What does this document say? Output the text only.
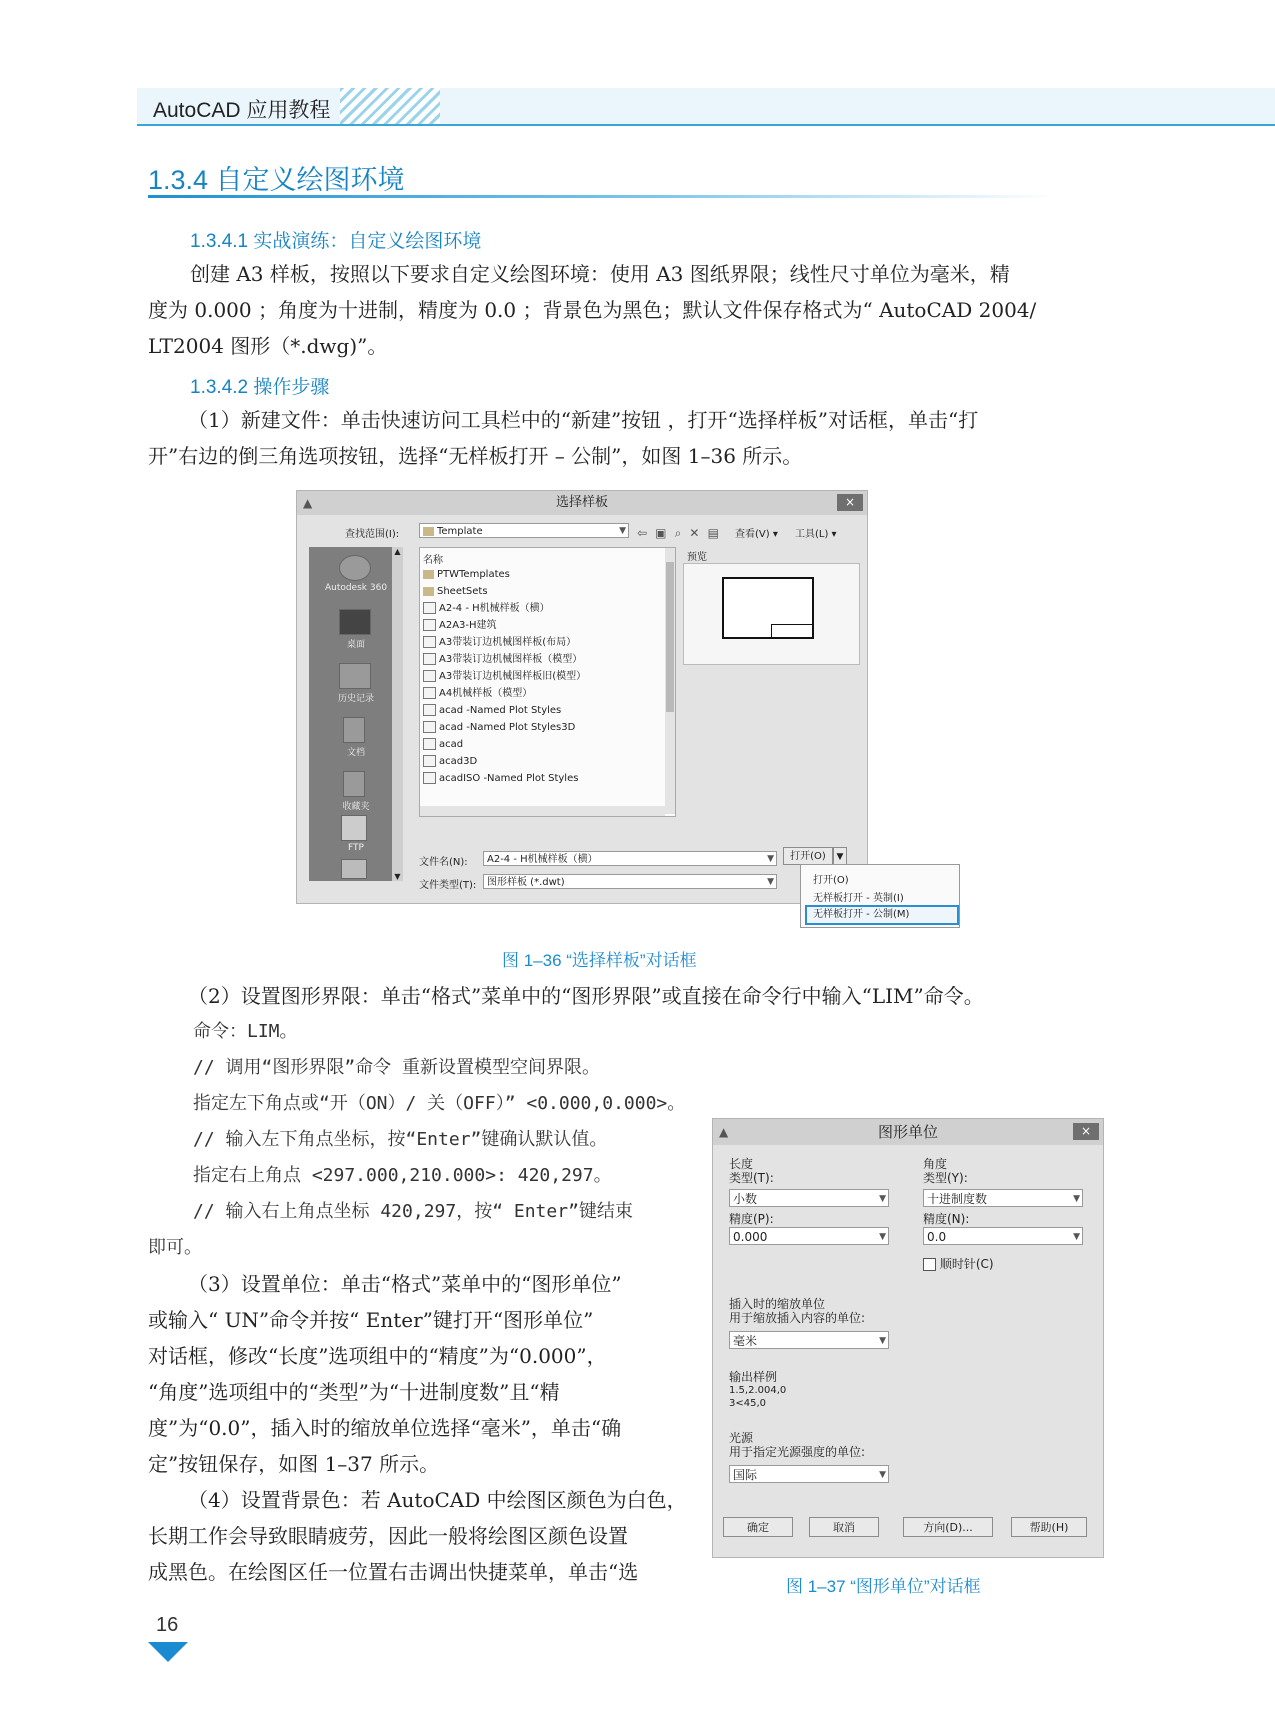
AutoCAD 应用教程
1.3.4 自定义绘图环境
1.3.4.1 实战演练：自定义绘图环境

创建 A3 样板，按照以下要求自定义绘图环境：使用 A3 图纸界限；线性尺寸单位为毫米，精

度为 0.000 ；角度为十进制，精度为 0.0 ；背景色为黑色；默认文件保存格式为“ AutoCAD 2004/

LT2004 图形（*.dwg)”。

1.3.4.2 操作步骤

（1）新建文件：单击快速访问工具栏中的“新建”按钮 ，打开“选择样板”对话框，单击“打

开”右边的倒三角选项按钮，选择“无样板打开 – 公制”，如图 1–36 所示。

▲	选择样板	×
查找范围(I):	Template	▼ ⇦ ▣ ⌕ ✕ ▤	查看(V) ▾ 工具(L) ▾
Autodesk 360
桌面
历史记录
文档
收藏夹
FTP
▲
▼
名称
PTWTemplates
SheetSets
A2-4 - H机械样板（横）
A2A3-H建筑
A3带装订边机械图样板(布局）
A3带装订边机械图样板（模型）
A3带装订边机械图样板旧(模型）
A4机械样板（模型）
acad -Named Plot Styles
acad -Named Plot Styles3D
acad
acad3D
acadISO -Named Plot Styles
预览
文件名(N):	A2-4 - H机械样板（横）	▼
文件类型(T):	图形样板 (*.dwt)	▼
打开(O)	▼
打开(O)
无样板打开 - 英制(I)
无样板打开 - 公制(M)
图 1–36 “选择样板”对话框

（2）设置图形界限：单击“格式”菜单中的“图形界限”或直接在命令行中输入“LIM”命令。

命令：LIM。
// 调用“图形界限”命令 重新设置模型空间界限。
指定左下角点或“开（ON）/ 关（OFF）” <0.000,0.000>。
// 输入左下角点坐标，按“Enter”键确认默认值。
指定右上角点 <297.000,210.000>: 420,297。
// 输入右上角点坐标 420,297，按“ Enter”键结束
即可。

（3）设置单位：单击“格式”菜单中的“图形单位”

或输入“ UN”命令并按“ Enter”键打开“图形单位”

对话框，修改“长度”选项组中的“精度”为“0.000”，

“角度”选项组中的“类型”为“十进制度数”且“精

度”为“0.0”，插入时的缩放单位选择“毫米”，单击“确

定”按钮保存，如图 1–37 所示。

（4）设置背景色：若 AutoCAD 中绘图区颜色为白色，

长期工作会导致眼睛疲劳，因此一般将绘图区颜色设置

成黑色。在绘图区任一位置右击调出快捷菜单，单击“选

▲	图形单位	×
长度
类型(T):
小数	▼
精度(P):
0.000	▼
角度
类型(Y):
十进制度数	▼
精度(N):
0.0	▼
顺时针(C)
插入时的缩放单位
用于缩放插入内容的单位:
毫米	▼
输出样例
1.5,2.004,0
3<45,0
光源
用于指定光源强度的单位:
国际	▼
确定	取消	方向(D)...	帮助(H)
图 1–37 “图形单位”对话框
16
